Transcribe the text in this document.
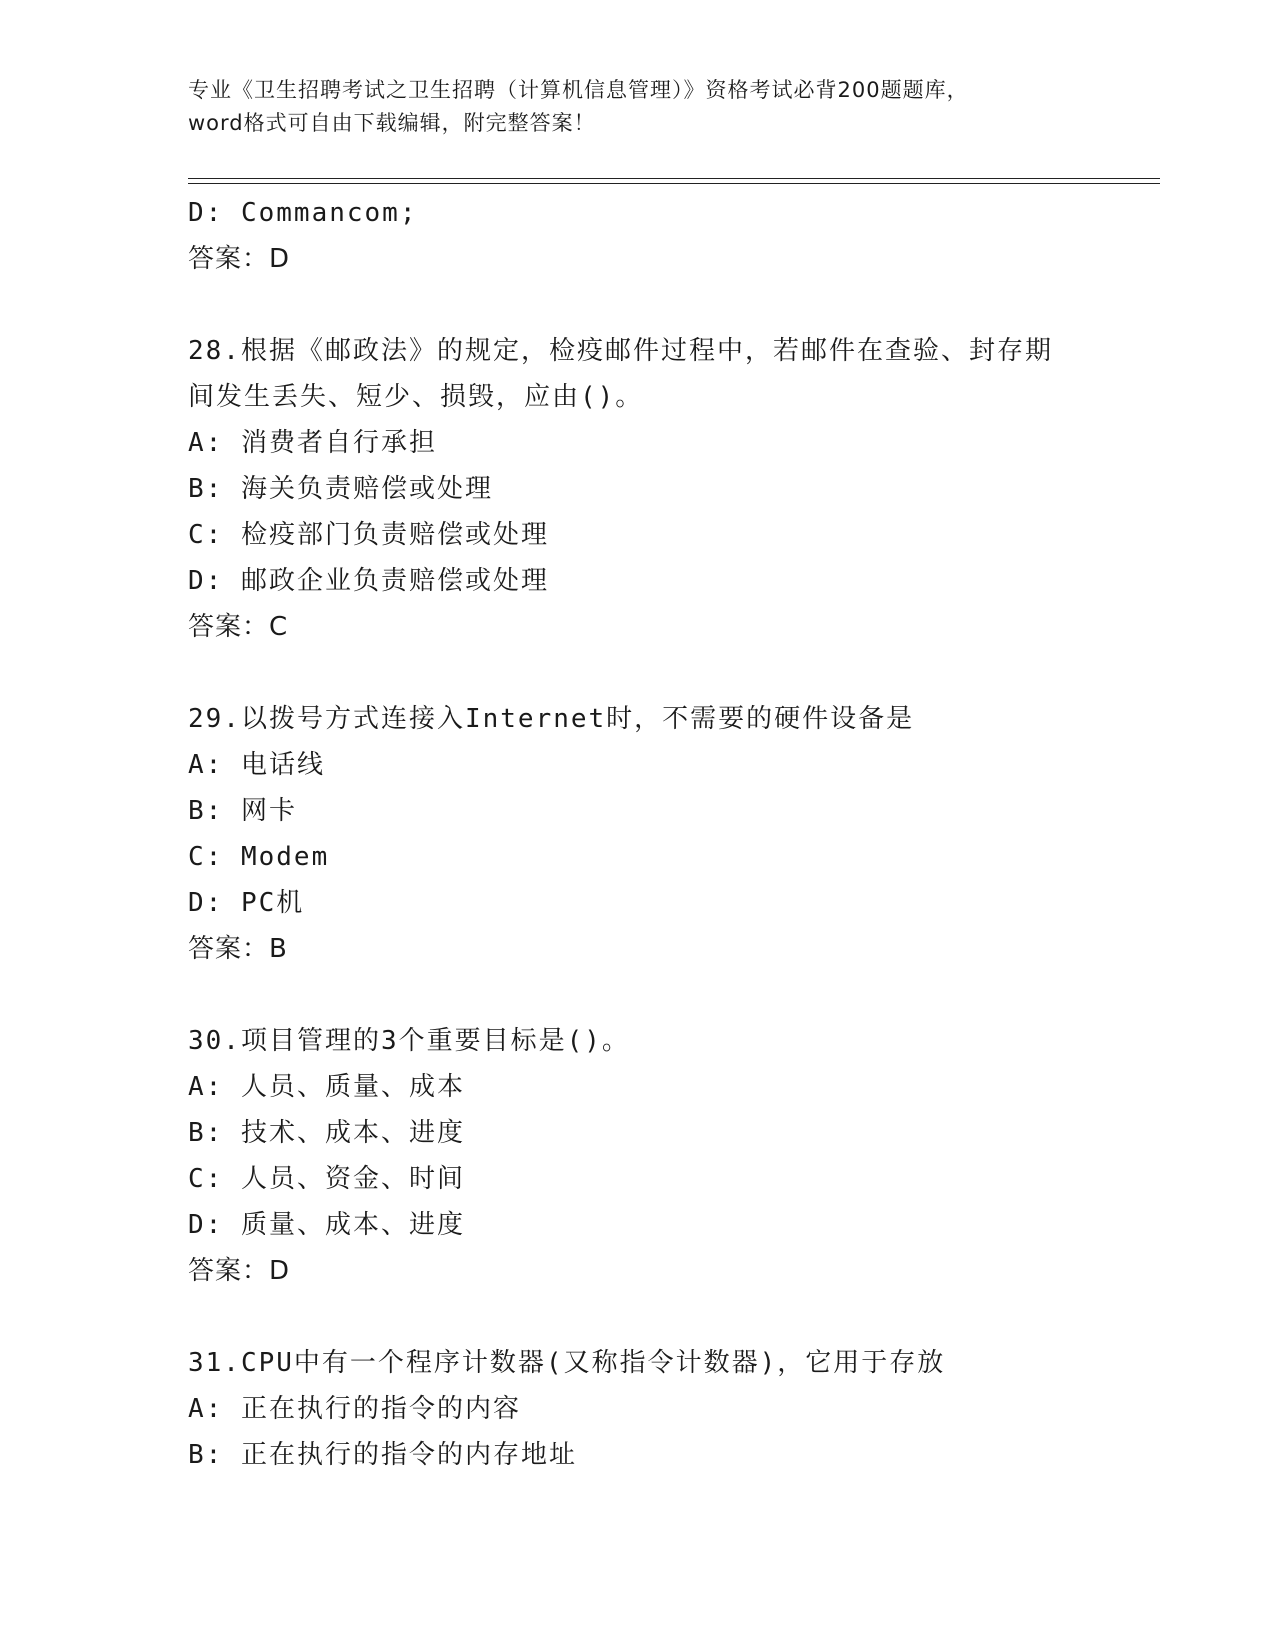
专业《卫生招聘考试之卫生招聘（计算机信息管理）》资格考试必背200题题库，
word格式可自由下载编辑，附完整答案！
D: Commancom;
答案：D
28.根据《邮政法》的规定，检疫邮件过程中，若邮件在查验、封存期
间发生丢失、短少、损毁，应由()。
A: 消费者自行承担
B: 海关负责赔偿或处理
C: 检疫部门负责赔偿或处理
D: 邮政企业负责赔偿或处理
答案：C
29.以拨号方式连接入Internet时，不需要的硬件设备是
A: 电话线
B: 网卡
C: Modem
D: PC机
答案：B
30.项目管理的3个重要目标是()。
A: 人员、质量、成本
B: 技术、成本、进度
C: 人员、资金、时间
D: 质量、成本、进度
答案：D
31.CPU中有一个程序计数器(又称指令计数器)，它用于存放
A: 正在执行的指令的内容
B: 正在执行的指令的内存地址
